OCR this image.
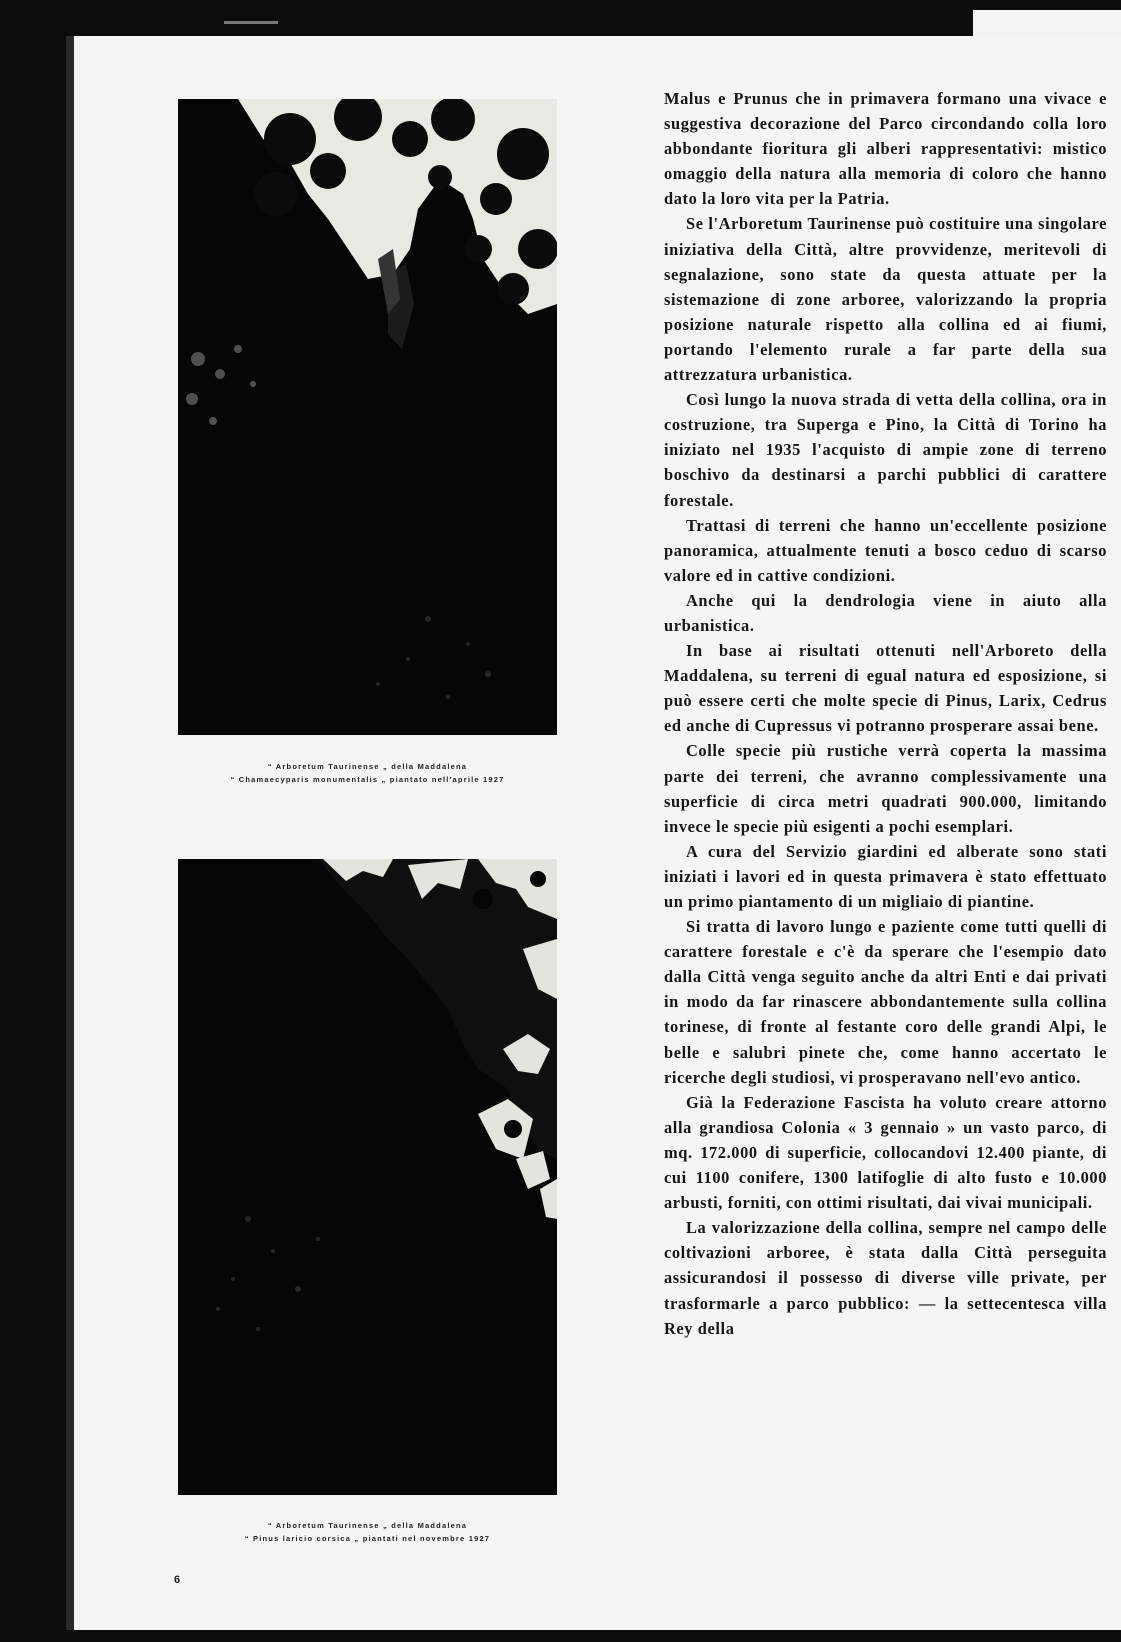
“ Arboretum Taurinense „ della Maddalena
“ Chamaecyparis monumentalis „ piantato nell'aprile 1927
“ Arboretum Taurinense „ della Maddalena
“ Pinus laricio corsica „ piantati nel novembre 1927
6

Malus e Prunus che in primavera formano una vivace e suggestiva decorazione del Parco circondando colla loro abbondante fioritura gli alberi rappresentativi: mistico omaggio della natura alla memoria di coloro che hanno dato la loro vita per la Patria.

Se l'Arboretum Taurinense può costituire una singolare iniziativa della Città, altre provvidenze, meritevoli di segnalazione, sono state da questa attuate per la sistemazione di zone arboree, valorizzando la propria posizione naturale rispetto alla collina ed ai fiumi, portando l'elemento rurale a far parte della sua attrezzatura urbanistica.

Così lungo la nuova strada di vetta della collina, ora in costruzione, tra Superga e Pino, la Città di Torino ha iniziato nel 1935 l'acquisto di ampie zone di terreno boschivo da destinarsi a parchi pubblici di carattere forestale.

Trattasi di terreni che hanno un'eccellente posizione panoramica, attualmente tenuti a bosco ceduo di scarso valore ed in cattive condizioni.

Anche qui la dendrologia viene in aiuto alla urbanistica.

In base ai risultati ottenuti nell'Arboreto della Maddalena, su terreni di egual natura ed esposizione, si può essere certi che molte specie di Pinus, Larix, Cedrus ed anche di Cupressus vi potranno prosperare assai bene.

Colle specie più rustiche verrà coperta la massima parte dei terreni, che avranno complessivamente una superficie di circa metri quadrati 900.000, limitando invece le specie più esigenti a pochi esemplari.

A cura del Servizio giardini ed alberate sono stati iniziati i lavori ed in questa primavera è stato effettuato un primo piantamento di un migliaio di piantine.

Si tratta di lavoro lungo e paziente come tutti quelli di carattere forestale e c'è da sperare che l'esempio dato dalla Città venga seguito anche da altri Enti e dai privati in modo da far rinascere abbondantemente sulla collina torinese, di fronte al festante coro delle grandi Alpi, le belle e salubri pinete che, come hanno accertato le ricerche degli studiosi, vi prosperavano nell'evo antico.

Già la Federazione Fascista ha voluto creare attorno alla grandiosa Colonia « 3 gennaio » un vasto parco, di mq. 172.000 di superficie, collocandovi 12.400 piante, di cui 1100 conifere, 1300 latifoglie di alto fusto e 10.000 arbusti, forniti, con ottimi risultati, dai vivai municipali.

La valorizzazione della collina, sempre nel campo delle coltivazioni arboree, è stata dalla Città perseguita assicurandosi il possesso di diverse ville private, per trasformarle a parco pubblico: — la settecentesca villa Rey della
